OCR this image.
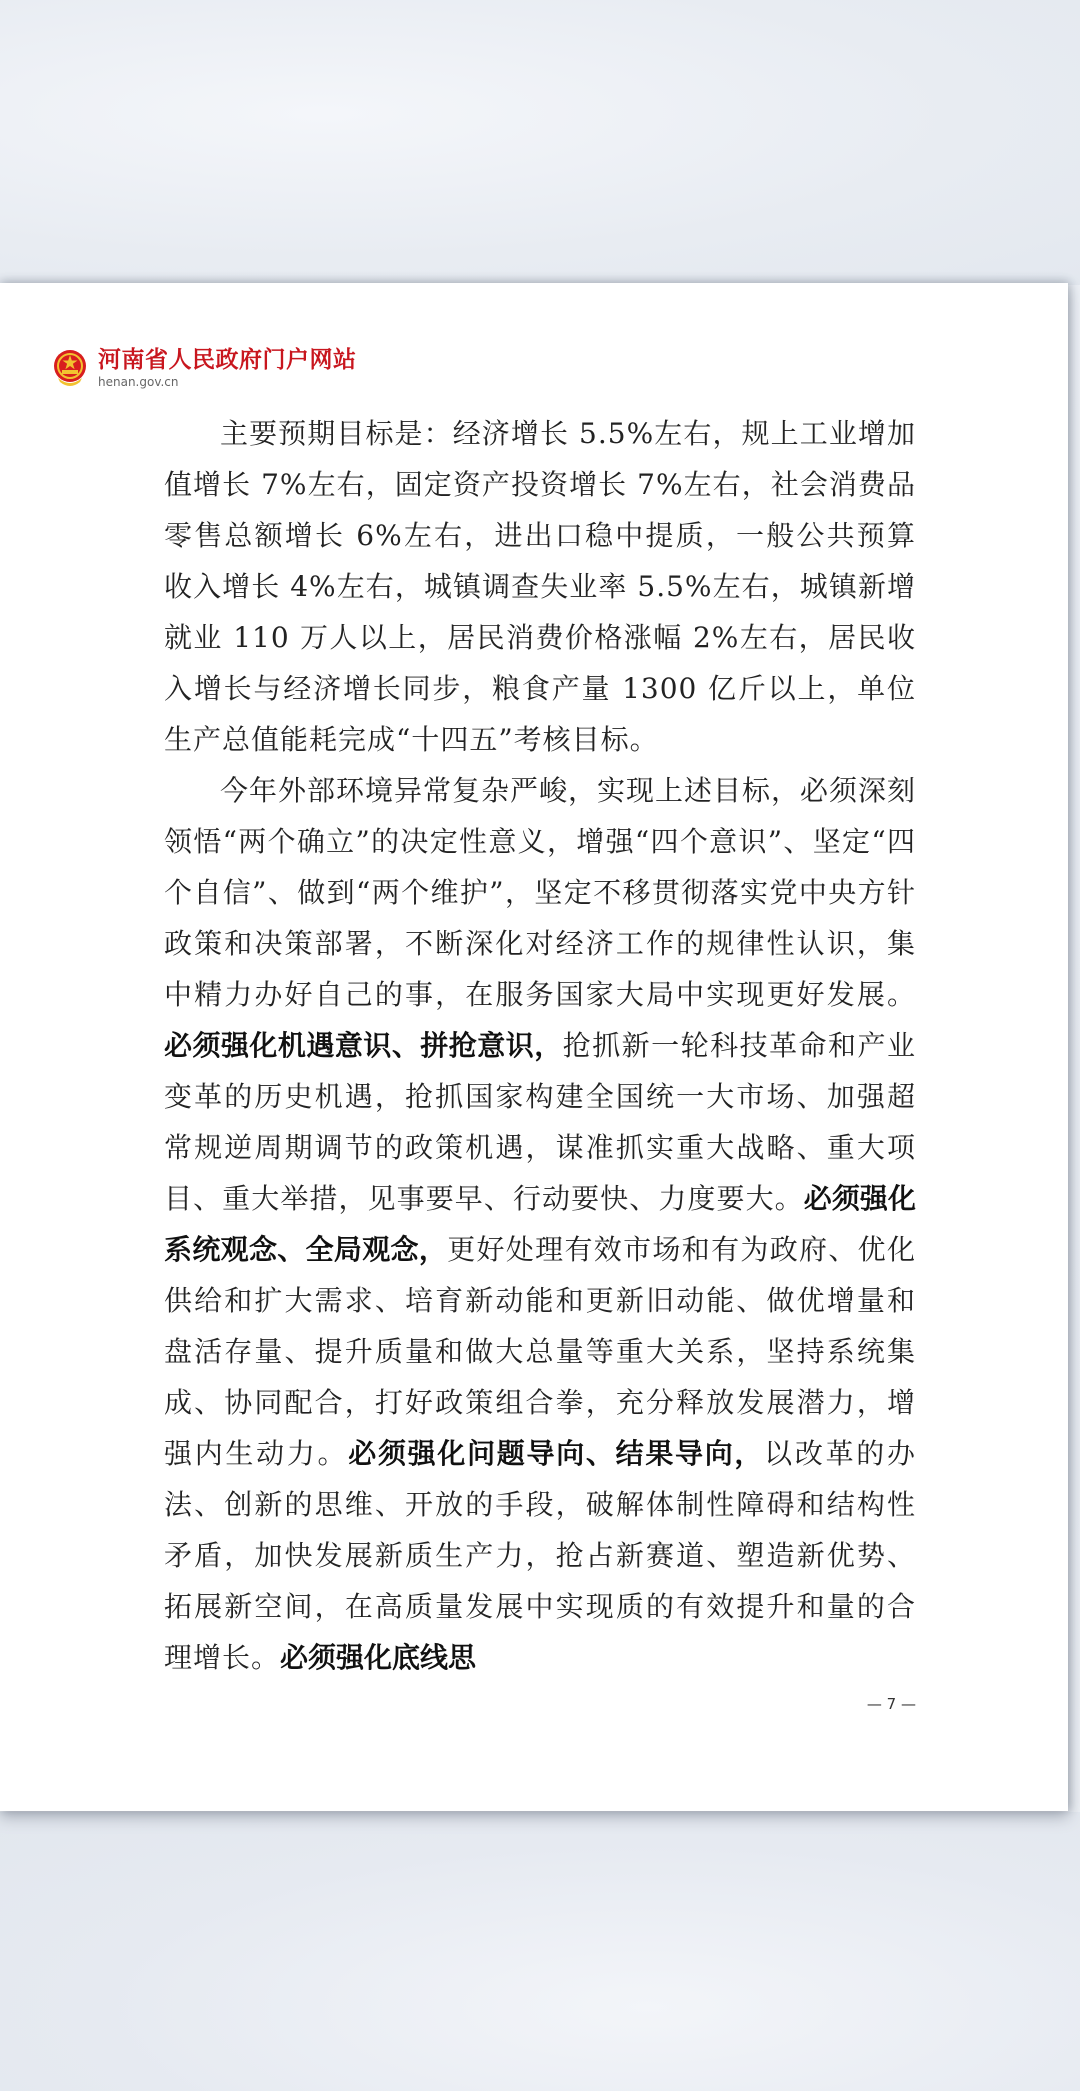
河南省人民政府门户网站
henan.gov.cn

主要预期目标是：经济增长 5.5%左右，规上工业增加值增长 7%左右，固定资产投资增长 7%左右，社会消费品零售总额增长 6%左右，进出口稳中提质，一般公共预算收入增长 4%左右，城镇调查失业率 5.5%左右，城镇新增就业 110 万人以上，居民消费价格涨幅 2%左右，居民收入增长与经济增长同步，粮食产量 1300 亿斤以上，单位生产总值能耗完成“十四五”考核目标。

今年外部环境异常复杂严峻，实现上述目标，必须深刻领悟“两个确立”的决定性意义，增强“四个意识”、坚定“四个自信”、做到“两个维护”，坚定不移贯彻落实党中央方针政策和决策部署，不断深化对经济工作的规律性认识，集中精力办好自己的事，在服务国家大局中实现更好发展。必须强化机遇意识、拼抢意识，抢抓新一轮科技革命和产业变革的历史机遇，抢抓国家构建全国统一大市场、加强超常规逆周期调节的政策机遇，谋准抓实重大战略、重大项目、重大举措，见事要早、行动要快、力度要大。必须强化系统观念、全局观念，更好处理有效市场和有为政府、优化供给和扩大需求、培育新动能和更新旧动能、做优增量和盘活存量、提升质量和做大总量等重大关系，坚持系统集成、协同配合，打好政策组合拳，充分释放发展潜力，增强内生动力。必须强化问题导向、结果导向，以改革的办法、创新的思维、开放的手段，破解体制性障碍和结构性矛盾，加快发展新质生产力，抢占新赛道、塑造新优势、拓展新空间，在高质量发展中实现质的有效提升和量的合理增长。必须强化底线思

— 7 —
